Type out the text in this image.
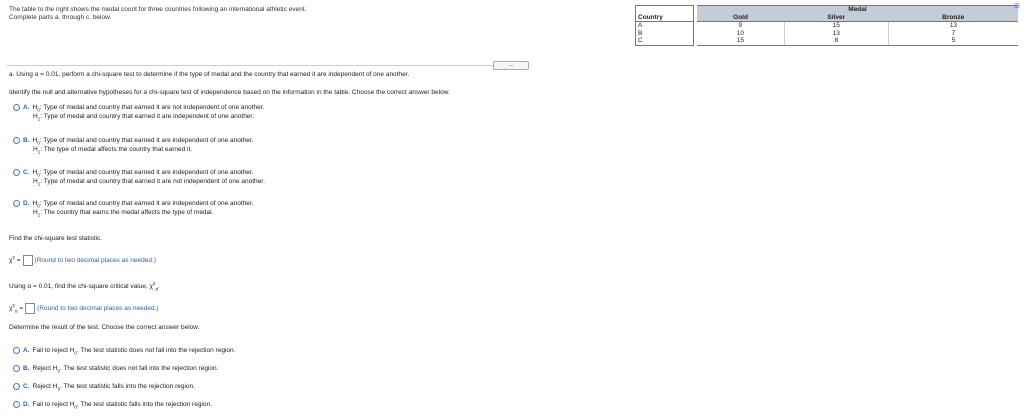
The table to the right shows the medal count for three countries following an international athletic event.
Complete parts a. through c. below.	Country		Medal		
		Gold	Silver	Bronze
A		9	15	13
B		10	13	7
C		15	8	5
⊞
...
a. Using α = 0.01, perform a chi-square test to determine if the type of medal and the country that earned it are independent of one another.
Identify the null and alternative hypotheses for a chi-square test of independence based on the information in the table. Choose the correct answer below.
A. $H_0$: Type of medal and country that earned it are not independent of one another.
$H_1$: Type of medal and country that earned it are independent of one another.
B. $H_0$: Type of medal and country that earned it are independent of one another.
$H_1$: The type of medal affects the country that earned it.
C. $H_0$: Type of medal and country that earned it are independent of one another.
$H_1$: Type of medal and country that earned it are not independent of one another.
D. $H_0$: Type of medal and country that earned it are independent of one another.
$H_1$: The country that earns the medal affects the type of medal.
Find the chi-square test statistic.
$\chi^2$ = (Round to two decimal places as needed.)
Using α = 0.01, find the chi-square critical value, $\chi^2_\alpha$.
$\chi^2_\alpha$ = (Round to two decimal places as needed.)
Determine the result of the test. Choose the correct answer below.
A. Fail to reject $H_0$. The test statistic does not fall into the rejection region.
B. Reject $H_0$. The test statistic does not fall into the rejection region.
C. Reject $H_0$. The test statistic falls into the rejection region.
D. Fail to reject $H_0$. The test statistic falls into the rejection region.
